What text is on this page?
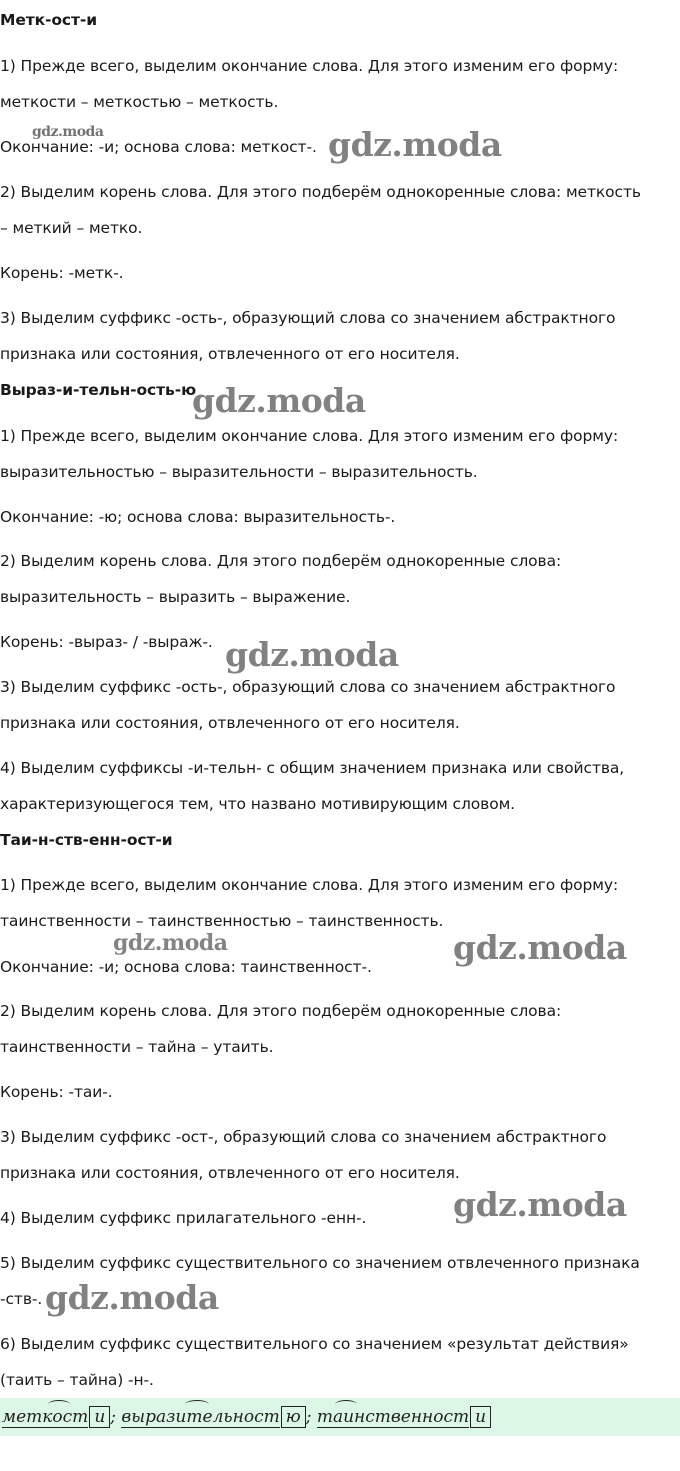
Метк-ост-и
1) Прежде всего, выделим окончание слова. Для этого изменим его форму:
меткости – меткостью – меткость.
Окончание: -и; основа слова: меткост-.
2) Выделим корень слова. Для этого подберём однокоренные слова: меткость
– меткий – метко.
Корень: -метк-.
3) Выделим суффикс -ость-, образующий слова со значением абстрактного
признака или состояния, отвлеченного от его носителя.
Выраз-и-тельн-ость-ю
1) Прежде всего, выделим окончание слова. Для этого изменим его форму:
выразительностью – выразительности – выразительность.
Окончание: -ю; основа слова: выразительность-.
2) Выделим корень слова. Для этого подберём однокоренные слова:
выразительность – выразить – выражение.
Корень: -выраз- / -выраж-.
3) Выделим суффикс -ость-, образующий слова со значением абстрактного
признака или состояния, отвлеченного от его носителя.
4) Выделим суффиксы -и-тельн- с общим значением признака или свойства,
характеризующегося тем, что названо мотивирующим словом.
Таи-н-ств-енн-ост-и
1) Прежде всего, выделим окончание слова. Для этого изменим его форму:
таинственности – таинственностью – таинственность.
Окончание: -и; основа слова: таинственност-.
2) Выделим корень слова. Для этого подберём однокоренные слова:
таинственности – тайна – утаить.
Корень: -таи-.
3) Выделим суффикс -ост-, образующий слова со значением абстрактного
признака или состояния, отвлеченного от его носителя.
4) Выделим суффикс прилагательного -енн-.
5) Выделим суффикс существительного со значением отвлеченного признака
-ств-.
6) Выделим суффикс существительного со значением «результат действия»
(таить – тайна) -н-.
gdz.moda	gdz.moda
gdz.moda
gdz.moda
gdz.moda	gdz.moda
gdz.moda
gdz.moda
меткост и ; выразительност ю ; таинственност и
